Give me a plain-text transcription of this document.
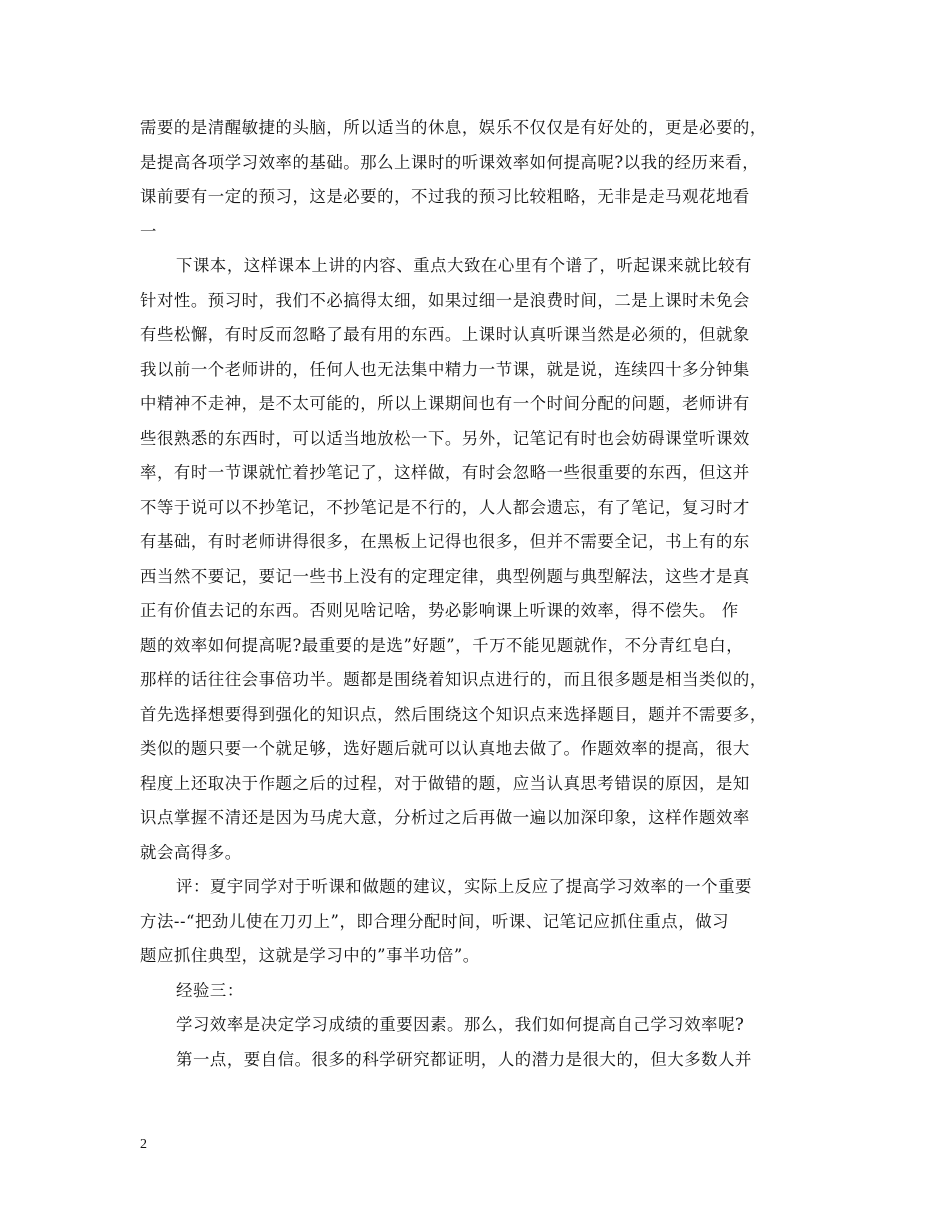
需要的是清醒敏捷的头脑，所以适当的休息，娱乐不仅仅是有好处的，更是必要的，
是提高各项学习效率的基础。那么上课时的听课效率如何提高呢?以我的经历来看，
课前要有一定的预习，这是必要的，不过我的预习比较粗略，无非是走马观花地看
一
下课本，这样课本上讲的内容、重点大致在心里有个谱了，听起课来就比较有
针对性。预习时，我们不必搞得太细，如果过细一是浪费时间，二是上课时未免会
有些松懈，有时反而忽略了最有用的东西。上课时认真听课当然是必须的，但就象
我以前一个老师讲的，任何人也无法集中精力一节课，就是说，连续四十多分钟集
中精神不走神，是不太可能的，所以上课期间也有一个时间分配的问题，老师讲有
些很熟悉的东西时，可以适当地放松一下。另外，记笔记有时也会妨碍课堂听课效
率，有时一节课就忙着抄笔记了，这样做，有时会忽略一些很重要的东西，但这并
不等于说可以不抄笔记，不抄笔记是不行的，人人都会遗忘，有了笔记，复习时才
有基础，有时老师讲得很多，在黑板上记得也很多，但并不需要全记，书上有的东
西当然不要记，要记一些书上没有的定理定律，典型例题与典型解法，这些才是真
正有价值去记的东西。否则见啥记啥，势必影响课上听课的效率，得不偿失。 作
题的效率如何提高呢?最重要的是选”好题”，千万不能见题就作，不分青红皂白，
那样的话往往会事倍功半。题都是围绕着知识点进行的，而且很多题是相当类似的，
首先选择想要得到强化的知识点，然后围绕这个知识点来选择题目，题并不需要多，
类似的题只要一个就足够，选好题后就可以认真地去做了。作题效率的提高，很大
程度上还取决于作题之后的过程，对于做错的题，应当认真思考错误的原因，是知
识点掌握不清还是因为马虎大意，分析过之后再做一遍以加深印象，这样作题效率
就会高得多。
评：夏宇同学对于听课和做题的建议，实际上反应了提高学习效率的一个重要
方法--“把劲儿使在刀刃上”，即合理分配时间，听课、记笔记应抓住重点，做习
题应抓住典型，这就是学习中的”事半功倍”。
经验三：
学习效率是决定学习成绩的重要因素。那么，我们如何提高自己学习效率呢?
第一点，要自信。很多的科学研究都证明，人的潜力是很大的，但大多数人并
2
